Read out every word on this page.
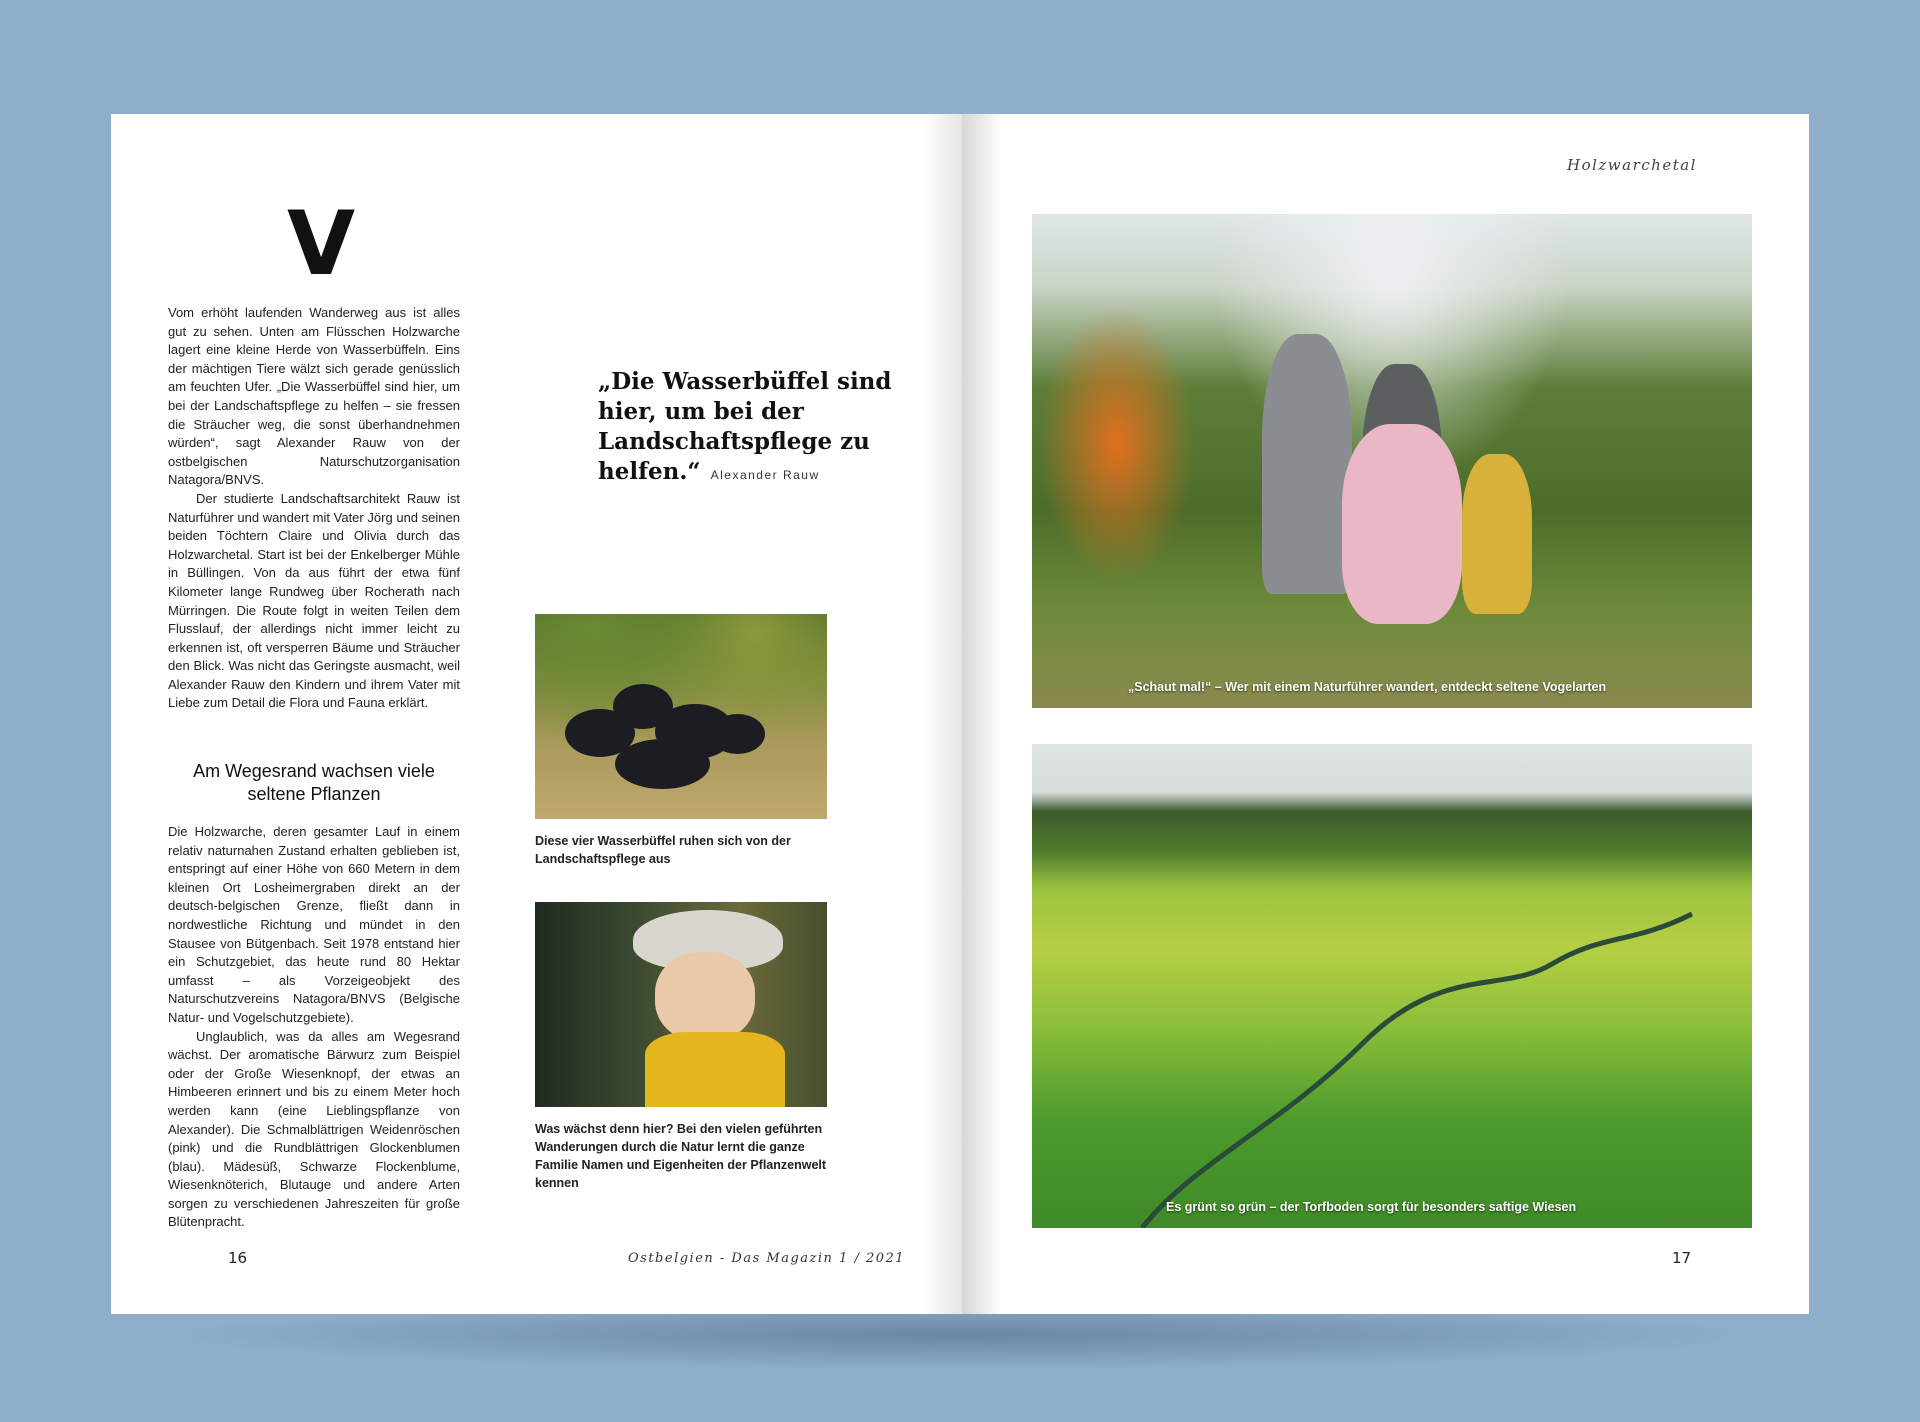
V

Vom erhöht laufenden Wanderweg aus ist alles gut zu sehen. Unten am Flüsschen Holzwarche lagert eine kleine Herde von Wasserbüffeln. Eins der mächtigen Tiere wälzt sich gerade genüsslich am feuchten Ufer. „Die Wasserbüffel sind hier, um bei der Landschaftspflege zu helfen – sie fressen die Sträucher weg, die sonst überhandnehmen würden“, sagt Alexander Rauw von der ostbelgischen Naturschutzorganisation Natagora/BNVS.

Der studierte Landschaftsarchitekt Rauw ist Naturführer und wandert mit Vater Jörg und seinen beiden Töchtern Claire und Olivia durch das Holzwarchetal. Start ist bei der Enkelberger Mühle in Büllingen. Von da aus führt der etwa fünf Kilometer lange Rundweg über Rocherath nach Mürringen. Die Route folgt in weiten Teilen dem Flusslauf, der allerdings nicht immer leicht zu erkennen ist, oft versperren Bäume und Sträucher den Blick. Was nicht das Geringste ausmacht, weil Alexander Rauw den Kindern und ihrem Vater mit Liebe zum Detail die Flora und Fauna erklärt.

Am Wegesrand wachsen viele seltene Pflanzen

Die Holzwarche, deren gesamter Lauf in einem relativ naturnahen Zustand erhalten geblieben ist, entspringt auf einer Höhe von 660 Metern in dem kleinen Ort Losheimergraben direkt an der deutsch-belgischen Grenze, fließt dann in nordwestliche Richtung und mündet in den Stausee von Bütgenbach. Seit 1978 entstand hier ein Schutzgebiet, das heute rund 80 Hektar umfasst – als Vorzeigeobjekt des Naturschutzvereins Natagora/BNVS (Belgische Natur- und Vogelschutzgebiete).

Unglaublich, was da alles am Wegesrand wächst. Der aromatische Bärwurz zum Beispiel oder der Große Wiesenknopf, der etwas an Himbeeren erinnert und bis zu einem Meter hoch werden kann (eine Lieblingspflanze von Alexander). Die Schmalblättrigen Weidenröschen (pink) und die Rundblättrigen Glockenblumen (blau). Mädesüß, Schwarze Flockenblume, Wiesenknöterich, Blutauge und andere Arten sorgen zu verschiedenen Jahreszeiten für große Blütenpracht.

„Die Wasserbüffel sind hier, um bei der Landschaftspflege zu helfen.“ Alexander Rauw
Diese vier Wasserbüffel ruhen sich von der Landschaftspflege aus
Was wächst denn hier? Bei den vielen geführten Wanderungen durch die Natur lernt die ganze Familie Namen und Eigenheiten der Pflanzenwelt kennen
16	Ostbelgien - Das Magazin 1 / 2021
Holzwarchetal
„Schaut mal!“ – Wer mit einem Naturführer wandert, entdeckt seltene Vogelarten
Es grünt so grün – der Torfboden sorgt für besonders saftige Wiesen
17
